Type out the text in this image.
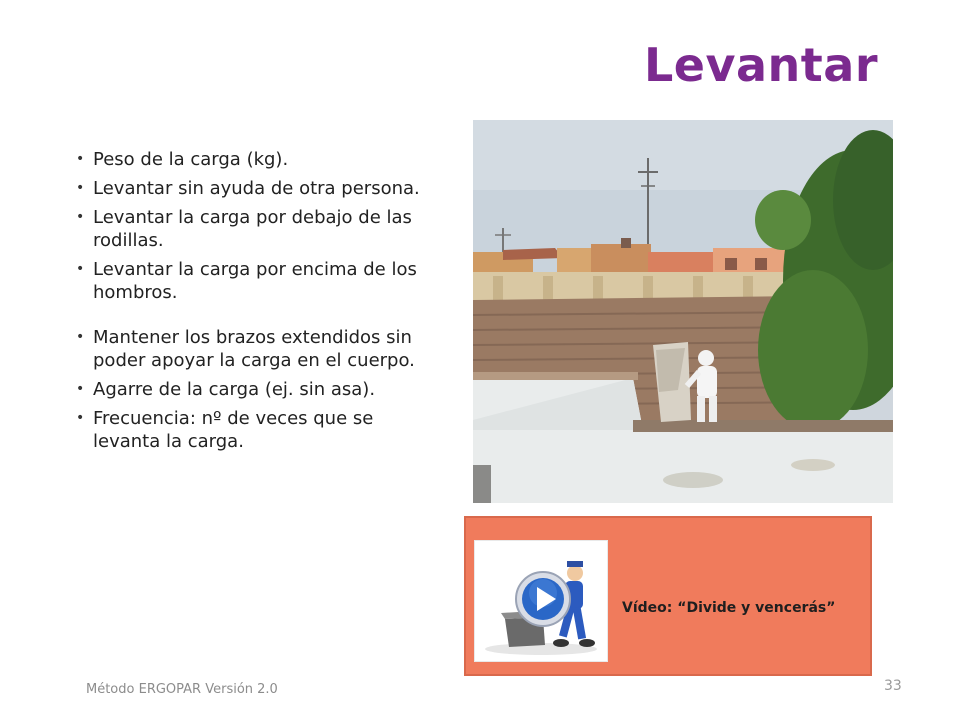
Levantar
• Peso de la carga (kg).
• Levantar sin ayuda de otra persona.
• Levantar la carga por debajo de las rodillas.
• Levantar la carga por encima de los hombros.
• Mantener los brazos extendidos sin poder apoyar la carga en el cuerpo.
• Agarre de la carga (ej. sin asa).
• Frecuencia: nº de veces que se levanta la carga.
Vídeo: “Divide y vencerás”
Método ERGOPAR Versión 2.0	33
